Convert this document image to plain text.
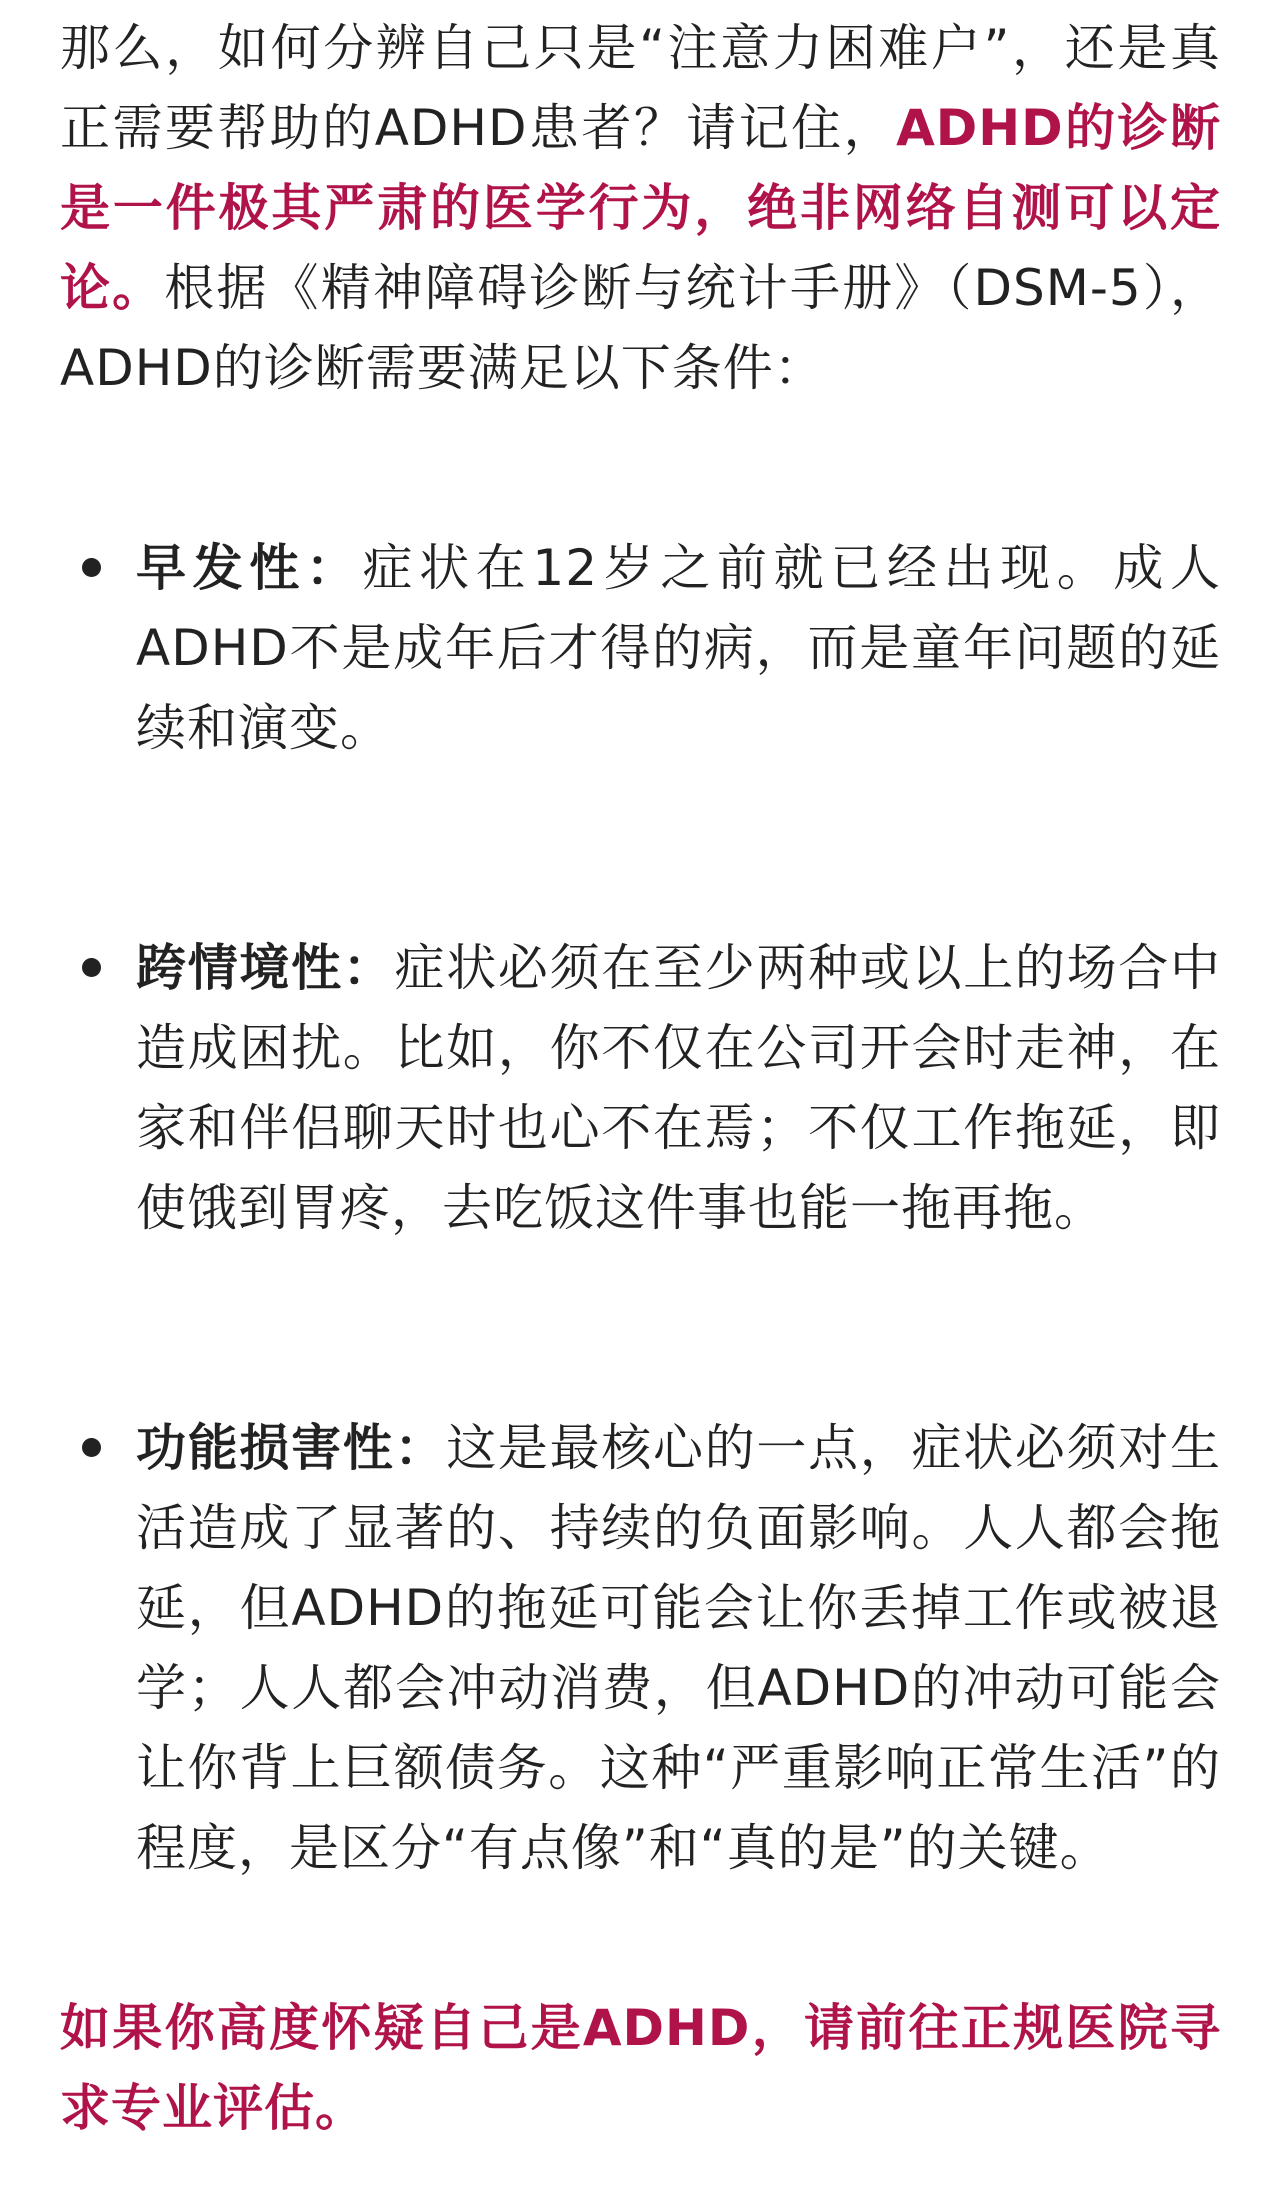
那么，如何分辨自己只是“注意力困难户”，还是真正需要帮助的ADHD患者？请记住，ADHD的诊断是一件极其严肃的医学行为，绝非网络自测可以定论。根据《精神障碍诊断与统计手册》（DSM-5），ADHD的诊断需要满足以下条件：

早发性：症状在12岁之前就已经出现。成人ADHD不是成年后才得的病，而是童年问题的延续和演变。
跨情境性：症状必须在至少两种或以上的场合中造成困扰。比如，你不仅在公司开会时走神，在家和伴侣聊天时也心不在焉；不仅工作拖延，即使饿到胃疼，去吃饭这件事也能一拖再拖。
功能损害性：这是最核心的一点，症状必须对生活造成了显著的、持续的负面影响。人人都会拖延，但ADHD的拖延可能会让你丢掉工作或被退学；人人都会冲动消费，但ADHD的冲动可能会让你背上巨额债务。这种“严重影响正常生活”的程度，是区分“有点像”和“真的是”的关键。

如果你高度怀疑自己是ADHD，请前往正规医院寻求专业评估。
